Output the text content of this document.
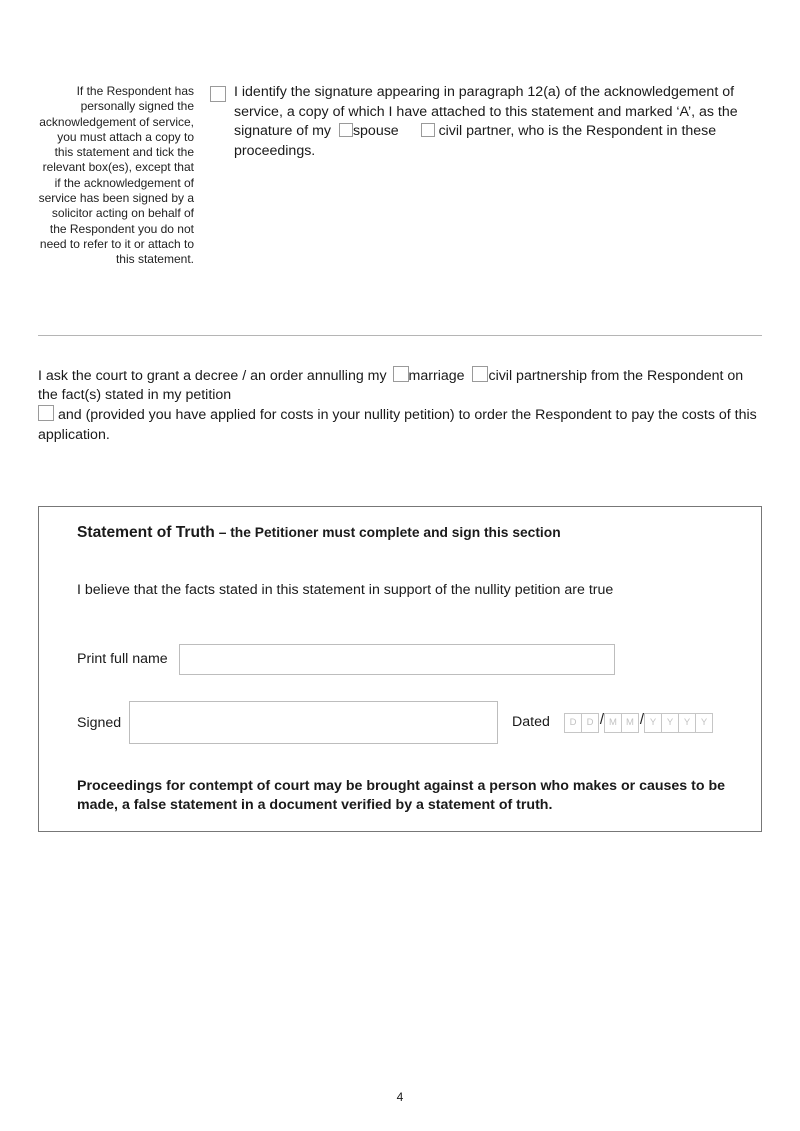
If the Respondent has personally signed the acknowledgement of service, you must attach a copy to this statement and tick the relevant box(es), except that if the acknowledgement of service has been signed by a solicitor acting on behalf of the Respondent you do not need to refer to it or attach to this statement.
I identify the signature appearing in paragraph 12(a) of the acknowledgement of service, a copy of which I have attached to this statement and marked ‘A’, as the signature of my spouse	civil partner, who is the Respondent in these proceedings.
I ask the court to grant a decree / an order annulling my marriage civil partnership from the Respondent on the fact(s) stated in my petition
and (provided you have applied for costs in your nullity petition) to order the Respondent to pay the costs of this application.
Statement of Truth – the Petitioner must complete and sign this section
I believe that the facts stated in this statement in support of the nullity petition are true
Print full name
Signed	Dated	D D / M M / Y Y Y Y
Proceedings for contempt of court may be brought against a person who makes or causes to be made, a false statement in a document verified by a statement of truth.
4
